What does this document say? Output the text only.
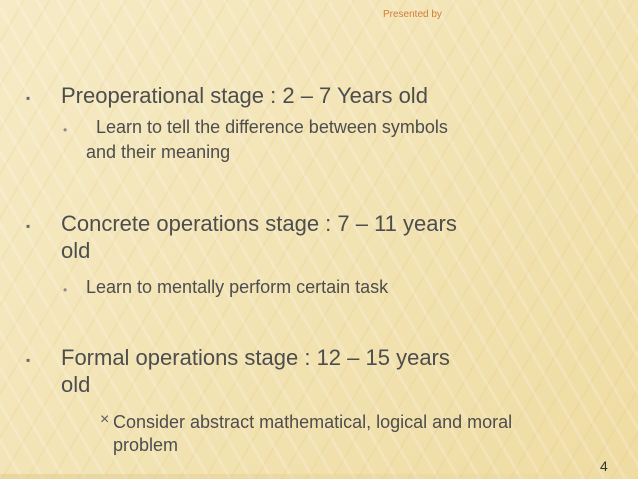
Presented by
▪ Preoperational stage : 2 – 7 Years old
• Learn to tell the difference between symbols
and their meaning
▪ Concrete operations stage : 7 – 11 years
old
• Learn to mentally perform certain task
▪ Formal operations stage : 12 – 15 years
old
× Consider abstract mathematical, logical and moral
problem
4
